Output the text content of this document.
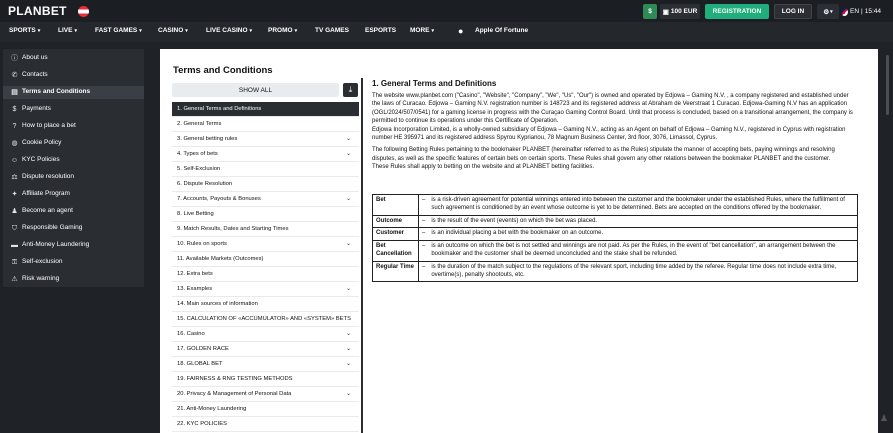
PLANBET	$	▣ 100 EUR	REGISTRATION	LOG IN	⚙ ▾	EN | 15:44
SPORTS ▾	LIVE ▾	FAST GAMES ▾ CASINO ▾	LIVE CASINO ▾ PROMO ▾	TV GAMES ESPORTS MORE ▾	●	Apple Of Fortune
ⓘ About us
✆ Contacts
▤ Terms and Conditions
$ Payments
? How to place a bet
◍ Cookie Policy
☺ KYC Policies
⚖ Dispute resolution
✦ Affiliate Program
♟ Become an agent
⛉ Responsible Gaming
▬ Anti-Money Laundering
⚿ Self-exclusion
⚠ Risk warning
Terms and Conditions
SHOW ALL	⤓
1. General Terms and Definitions
2. General Terms
3. General betting rules	⌄
4. Types of bets	⌄
5. Self-Exclusion
6. Dispute Resolution
7. Accounts, Payouts & Bonuses	⌄
8. Live Betting
9. Match Results, Dates and Starting Times
10. Rules on sports	⌄
11. Available Markets (Outcomes)
12. Extra bets
13. Examples	⌄
14. Main sources of information
15. CALCULATION OF «ACCUMULATOR» AND «SYSTEM» BETS
16. Casino	⌄
17. GOLDEN RACE	⌄
18. GLOBAL BET	⌄
19. FAIRNESS & RNG TESTING METHODS
20. Privacy & Management of Personal Data	⌄
21. Anti-Money Laundering
22. KYC POLICIES
1. General Terms and Definitions

The website www.planbet.com ("Casino", "Website", "Company", "We", "Us", "Our") is owned and operated by Edjowa – Gaming N.V. , a company registered and established under the laws of Curacao. Edjowa – Gaming N.V. registration number is 148723 and its registered address at Abraham de Veerstraat 1 Curacao. Edjowa-Gaming N.V has an application (OGL/2024/507/0541) for a gaming license in progress with the Curaçao Gaming Control Board. Until that process is concluded, based on a transitional arrangement, the company is permitted to continue its operations under this Certificate of Operation.

Edjowa Incorporation Limited, is a wholly-owned subsidiary of Edjowa – Gaming N.V., acting as an Agent on behalf of Edjowa – Gaming N.V., registered in Cyprus with registration number HE 395971 and its registered address Spyrou Kyprianou, 78 Magnum Business Center, 3rd floor, 3076, Limassol, Cyprus.

The following Betting Rules pertaining to the bookmaker PLANBET (hereinafter referred to as the Rules) stipulate the manner of accepting bets, paying winnings and resolving disputes, as well as the specific features of certain bets on certain sports. These Rules shall govern any other relations between the bookmaker PLANBET and the customer.

These Rules shall apply to betting on the website and at PLANBET betting facilities.

Bet	–	is a risk-driven agreement for potential winnings entered into between the customer and the bookmaker under the established Rules, where the fulfillment of such agreement is conditioned by an event whose outcome is yet to be determined. Bets are accepted on the conditions offered by the bookmaker.
Outcome	–	is the result of the event (events) on which the bet was placed.
Customer	–	is an individual placing a bet with the bookmaker on an outcome.
Bet Cancellation	–	is an outcome on which the bet is not settled and winnings are not paid. As per the Rules, in the event of "bet cancellation", an arrangement between the bookmaker and the customer shall be deemed unconcluded and the stake shall be refunded.
Regular Time	–	is the duration of the match subject to the regulations of the relevant sport, including time added by the referee. Regular time does not include extra time, overtime(s), penalty shootouts, etc.
♟
